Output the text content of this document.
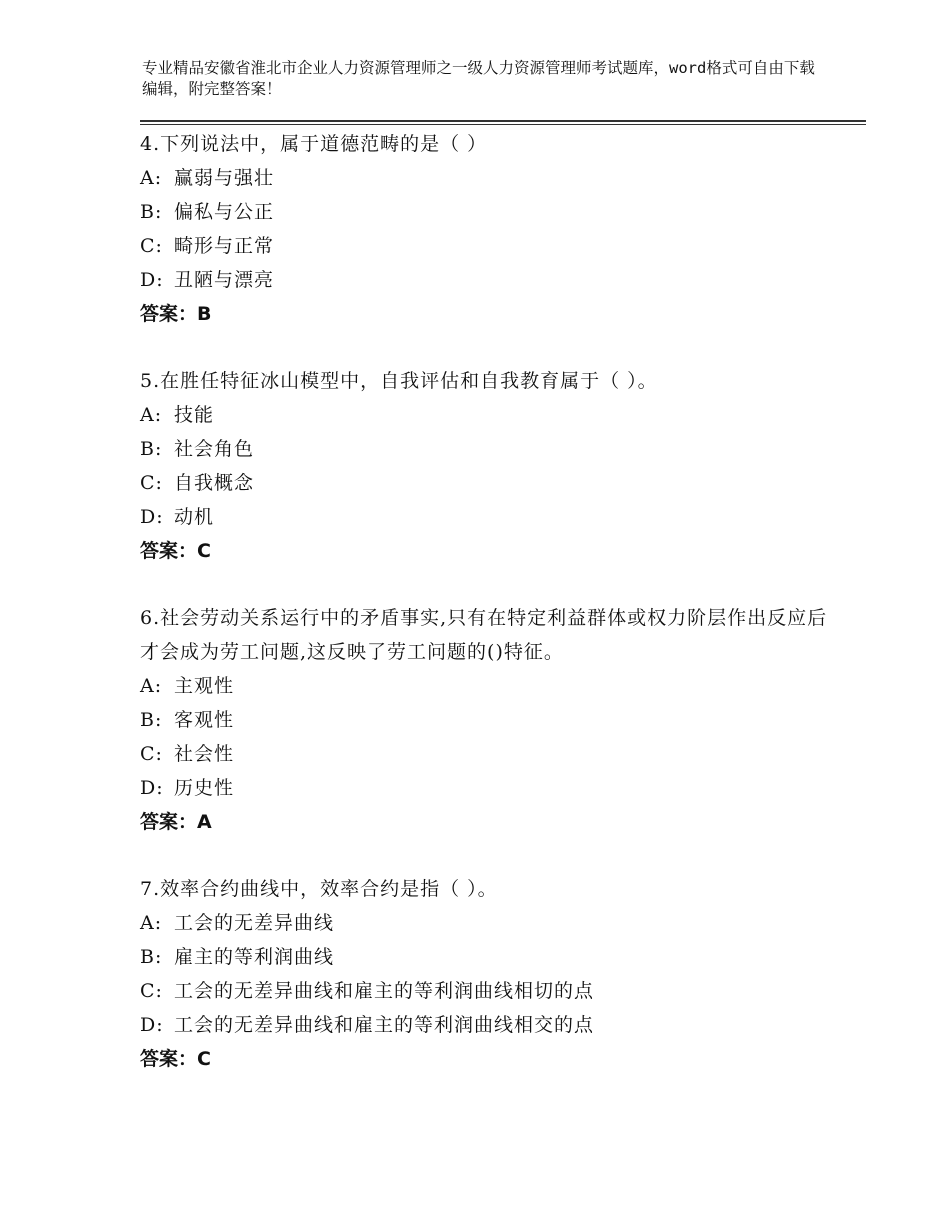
专业精品安徽省淮北市企业人力资源管理师之一级人力资源管理师考试题库，word格式可自由下载编辑，附完整答案！
4.下列说法中，属于道德范畴的是（ ）
A: 赢弱与强壮
B: 偏私与公正
C: 畸形与正常
D: 丑陋与漂亮
答案：B
5.在胜任特征冰山模型中，自我评估和自我教育属于（ ）。
A: 技能
B: 社会角色
C: 自我概念
D: 动机
答案：C
6.社会劳动关系运行中的矛盾事实,只有在特定利益群体或权力阶层作出反应后才会成为劳工问题,这反映了劳工问题的()特征。
A: 主观性
B: 客观性
C: 社会性
D: 历史性
答案：A
7.效率合约曲线中，效率合约是指（ ）。
A: 工会的无差异曲线
B: 雇主的等利润曲线
C: 工会的无差异曲线和雇主的等利润曲线相切的点
D: 工会的无差异曲线和雇主的等利润曲线相交的点
答案：C
